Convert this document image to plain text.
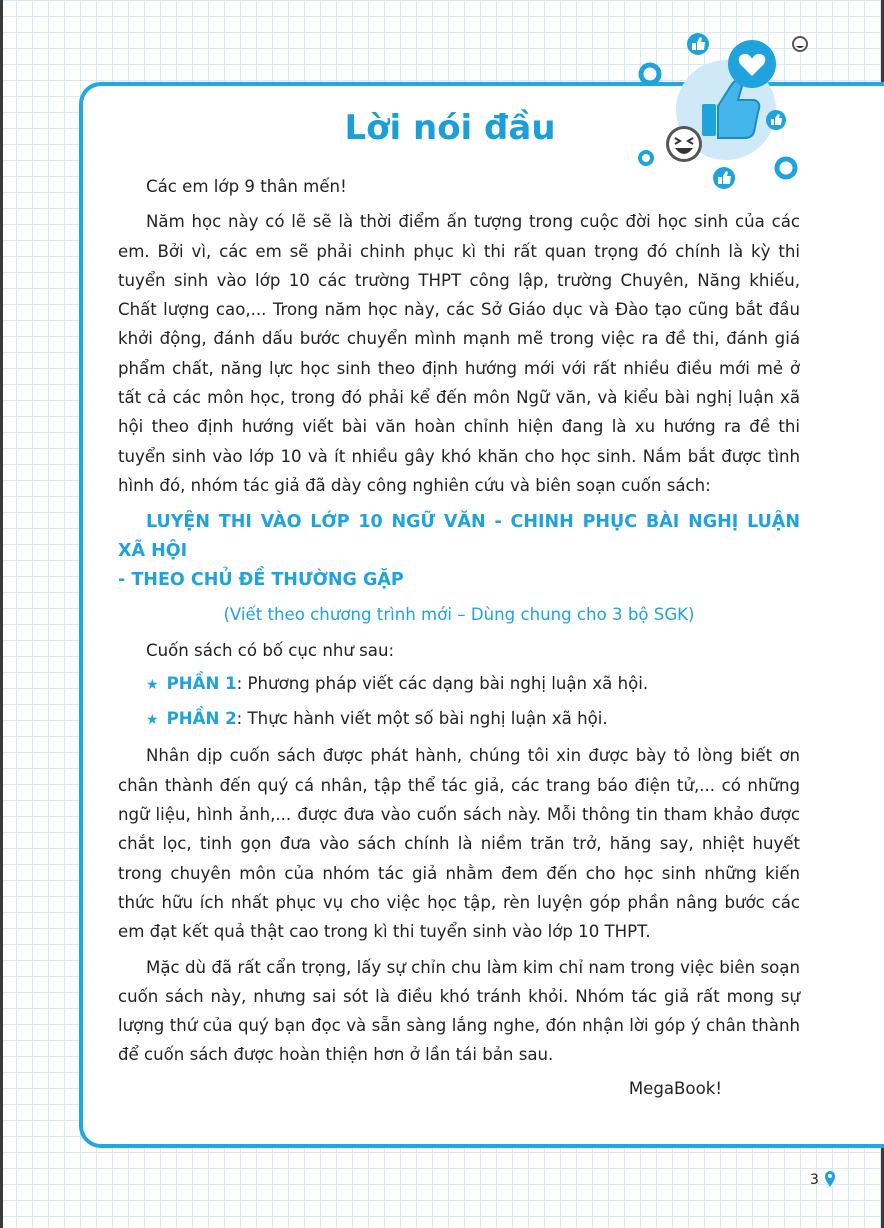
Lời nói đầu

Các em lớp 9 thân mến!

Năm học này có lẽ sẽ là thời điểm ấn tượng trong cuộc đời học sinh của các em. Bởi vì, các em sẽ phải chinh phục kì thi rất quan trọng đó chính là kỳ thi tuyển sinh vào lớp 10 các trường THPT công lập, trường Chuyên, Năng khiếu, Chất lượng cao,... Trong năm học này, các Sở Giáo dục và Đào tạo cũng bắt đầu khởi động, đánh dấu bước chuyển mình mạnh mẽ trong việc ra đề thi, đánh giá phẩm chất, năng lực học sinh theo định hướng mới với rất nhiều điều mới mẻ ở tất cả các môn học, trong đó phải kể đến môn Ngữ văn, và kiểu bài nghị luận xã hội theo định hướng viết bài văn hoàn chỉnh hiện đang là xu hướng ra đề thi tuyển sinh vào lớp 10 và ít nhiều gây khó khăn cho học sinh. Nắm bắt được tình hình đó, nhóm tác giả đã dày công nghiên cứu và biên soạn cuốn sách:

LUYỆN THI VÀO LỚP 10 NGỮ VĂN - CHINH PHỤC BÀI NGHỊ LUẬN XÃ HỘI
- THEO CHỦ ĐỀ THƯỜNG GẶP

(Viết theo chương trình mới – Dùng chung cho 3 bộ SGK)

Cuốn sách có bố cục như sau:

★ PHẦN 1: Phương pháp viết các dạng bài nghị luận xã hội.

★ PHẦN 2: Thực hành viết một số bài nghị luận xã hội.

Nhân dịp cuốn sách được phát hành, chúng tôi xin được bày tỏ lòng biết ơn chân thành đến quý cá nhân, tập thể tác giả, các trang báo điện tử,... có những ngữ liệu, hình ảnh,... được đưa vào cuốn sách này. Mỗi thông tin tham khảo được chắt lọc, tinh gọn đưa vào sách chính là niềm trăn trở, hăng say, nhiệt huyết trong chuyên môn của nhóm tác giả nhằm đem đến cho học sinh những kiến thức hữu ích nhất phục vụ cho việc học tập, rèn luyện góp phần nâng bước các em đạt kết quả thật cao trong kì thi tuyển sinh vào lớp 10 THPT.

Mặc dù đã rất cẩn trọng, lấy sự chỉn chu làm kim chỉ nam trong việc biên soạn cuốn sách này, nhưng sai sót là điều khó tránh khỏi. Nhóm tác giả rất mong sự lượng thứ của quý bạn đọc và sẵn sàng lắng nghe, đón nhận lời góp ý chân thành để cuốn sách được hoàn thiện hơn ở lần tái bản sau.

MegaBook!

3
